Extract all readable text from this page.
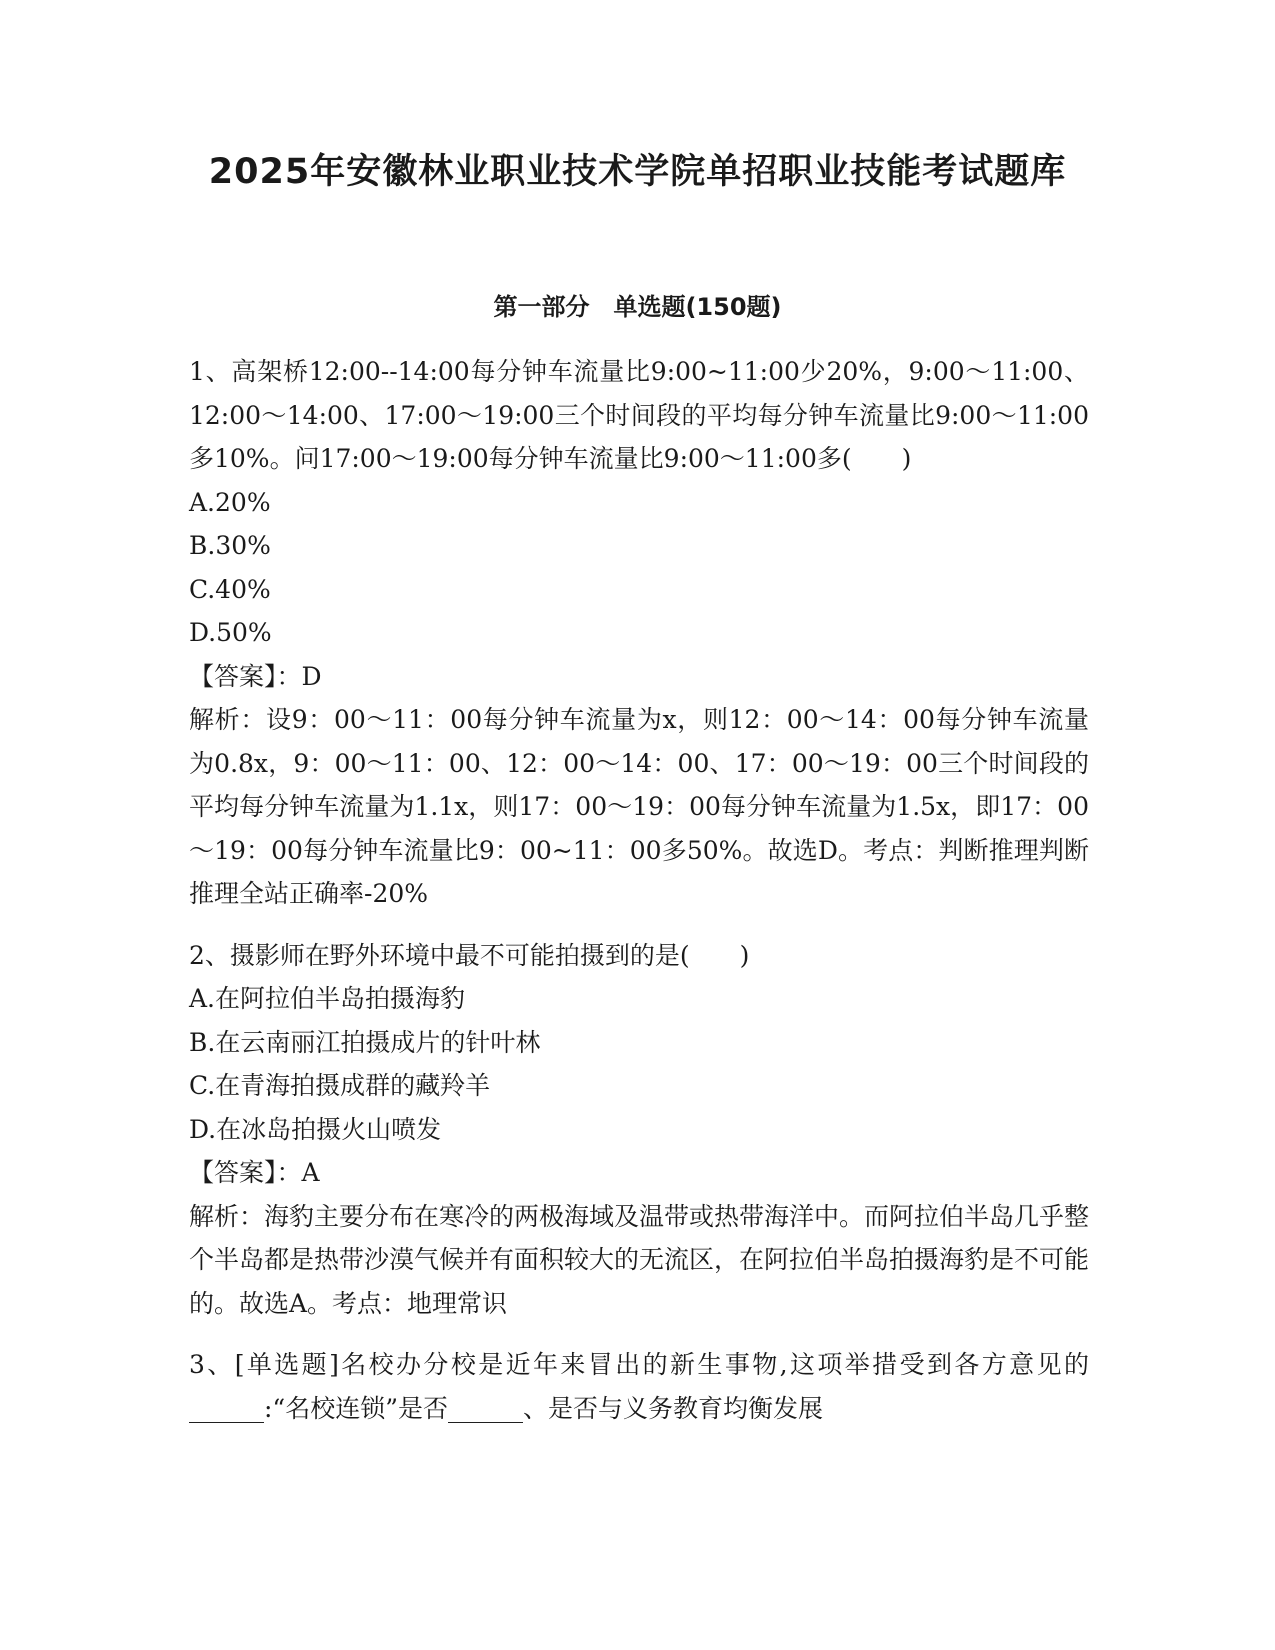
2025年安徽林业职业技术学院单招职业技能考试题库
第一部分　单选题(150题)

1、高架桥12:00--14:00每分钟车流量比9:00~11:00少20%，9:00～11:00、12:00～14:00、17:00～19:00三个时间段的平均每分钟车流量比9:00～11:00多10%。问17:00～19:00每分钟车流量比9:00～11:00多(　　)

A.20%

B.30%

C.40%

D.50%

【答案】：D

解析：设9：00～11：00每分钟车流量为x，则12：00～14：00每分钟车流量为0.8x，9：00～11：00、12：00～14：00、17：00～19：00三个时间段的平均每分钟车流量为1.1x，则17：00～19：00每分钟车流量为1.5x，即17：00～19：00每分钟车流量比9：00~11：00多50%。故选D。考点：判断推理判断推理全站正确率-20%

2、摄影师在野外环境中最不可能拍摄到的是(　　)

A.在阿拉伯半岛拍摄海豹

B.在云南丽江拍摄成片的针叶林

C.在青海拍摄成群的藏羚羊

D.在冰岛拍摄火山喷发

【答案】：A

解析：海豹主要分布在寒冷的两极海域及温带或热带海洋中。而阿拉伯半岛几乎整个半岛都是热带沙漠气候并有面积较大的无流区，在阿拉伯半岛拍摄海豹是不可能的。故选A。考点：地理常识

3、[单选题]名校办分校是近年来冒出的新生事物,这项举措受到各方意见的______:“名校连锁”是否______、是否与义务教育均衡发展
